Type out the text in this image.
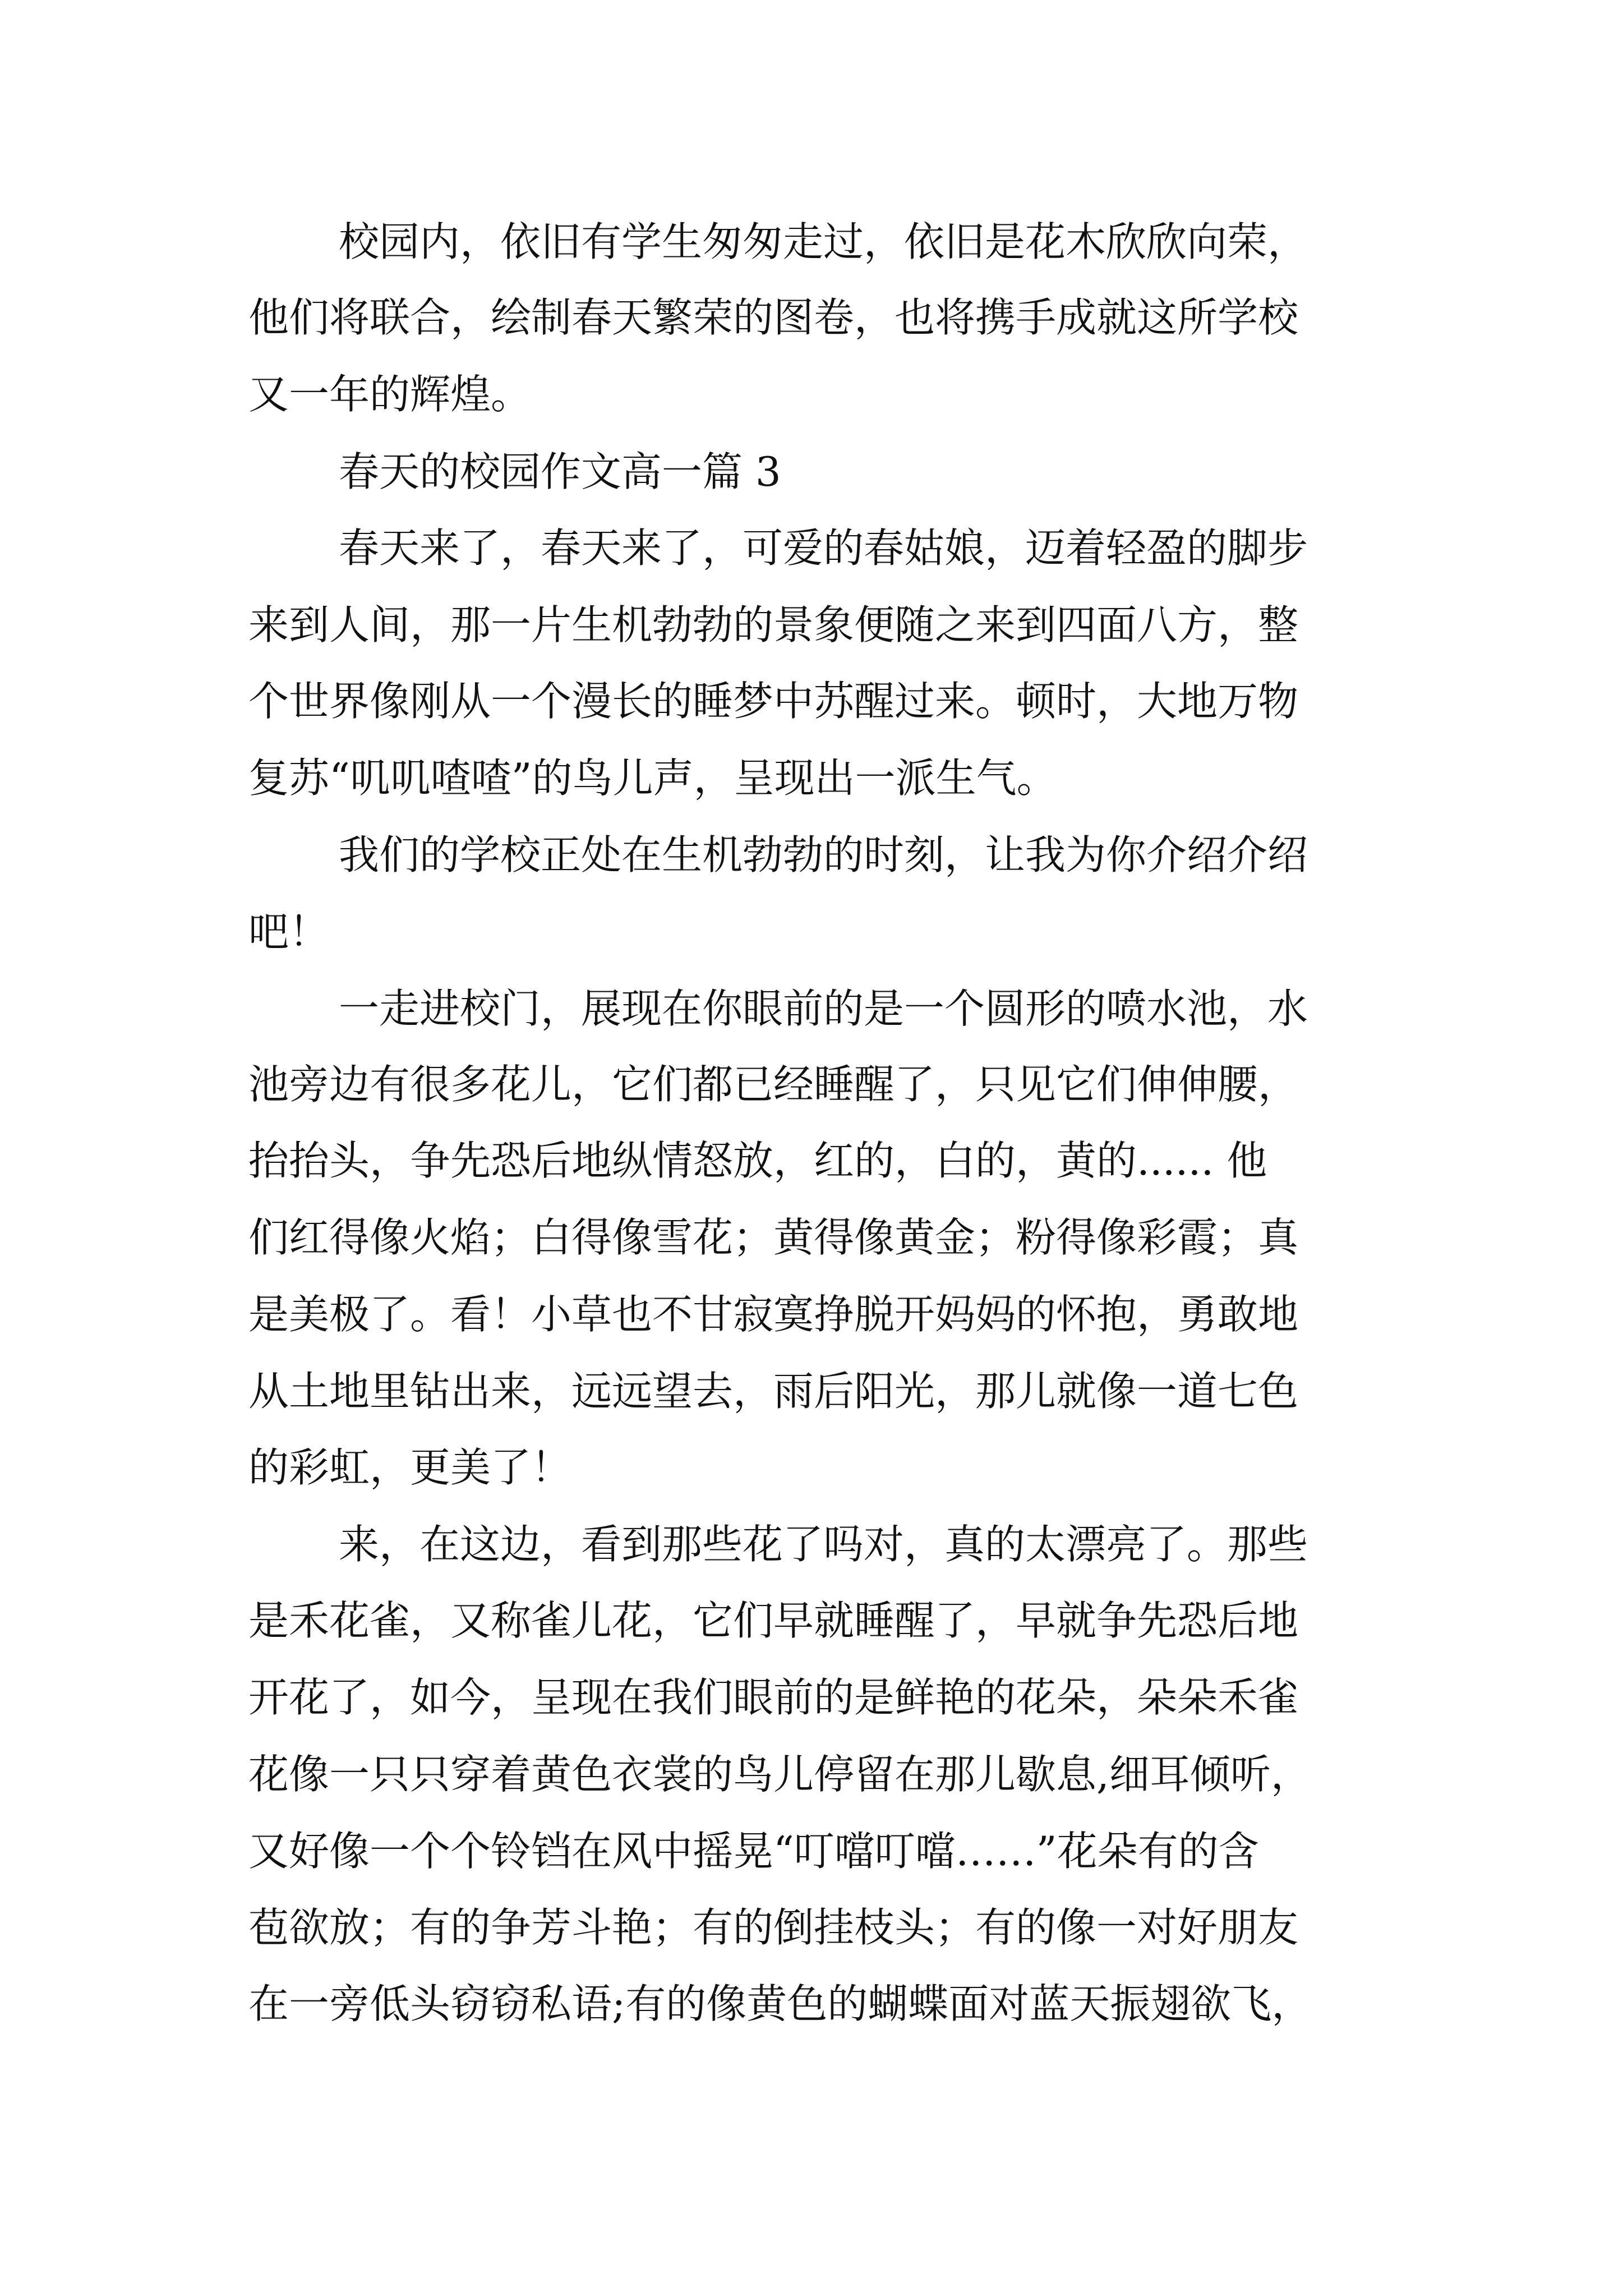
校园内，依旧有学生匆匆走过，依旧是花木欣欣向荣，
他们将联合，绘制春天繁荣的图卷，也将携手成就这所学校
又一年的辉煌。
春天的校园作文高一篇 3
春天来了，春天来了，可爱的春姑娘，迈着轻盈的脚步
来到人间，那一片生机勃勃的景象便随之来到四面八方，整
个世界像刚从一个漫长的睡梦中苏醒过来。顿时，大地万物
复苏“叽叽喳喳”的鸟儿声，呈现出一派生气。
我们的学校正处在生机勃勃的时刻，让我为你介绍介绍
吧！
一走进校门，展现在你眼前的是一个圆形的喷水池，水
池旁边有很多花儿，它们都已经睡醒了，只见它们伸伸腰，
抬抬头，争先恐后地纵情怒放，红的，白的，黄的...... 他
们红得像火焰；白得像雪花；黄得像黄金；粉得像彩霞；真
是美极了。看！小草也不甘寂寞挣脱开妈妈的怀抱，勇敢地
从土地里钻出来，远远望去，雨后阳光，那儿就像一道七色
的彩虹，更美了！
来，在这边，看到那些花了吗对，真的太漂亮了。那些
是禾花雀，又称雀儿花，它们早就睡醒了，早就争先恐后地
开花了，如今，呈现在我们眼前的是鲜艳的花朵，朵朵禾雀
花像一只只穿着黄色衣裳的鸟儿停留在那儿歇息,细耳倾听，
又好像一个个铃铛在风中摇晃“叮噹叮噹……”花朵有的含
苞欲放；有的争芳斗艳；有的倒挂枝头；有的像一对好朋友
在一旁低头窃窃私语;有的像黄色的蝴蝶面对蓝天振翅欲飞，
